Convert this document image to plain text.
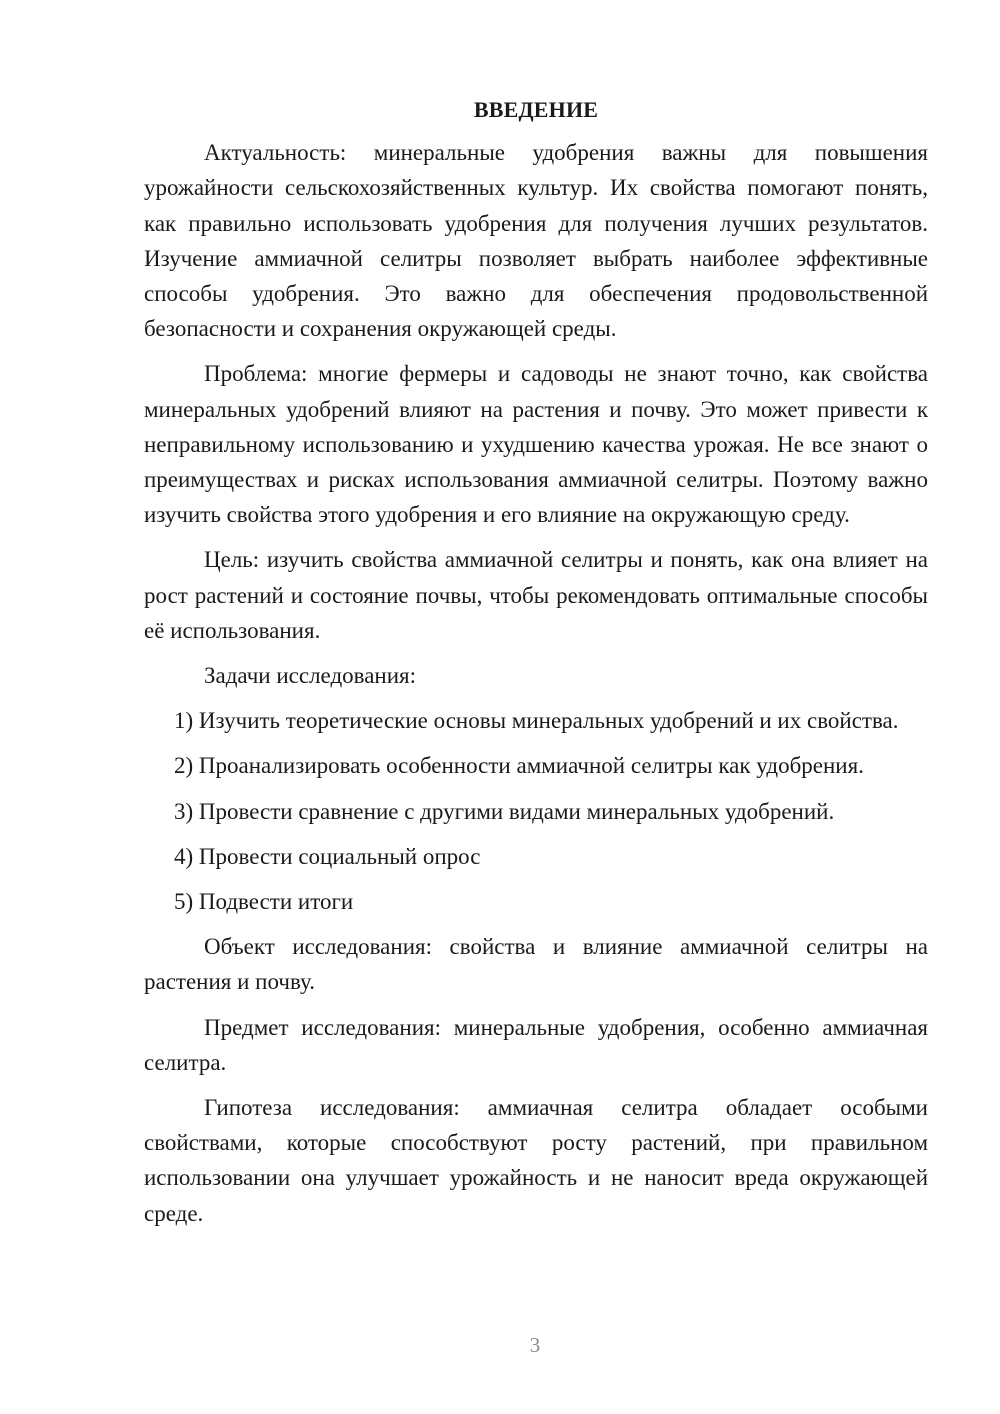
ВВЕДЕНИЕ

Актуальность: минеральные удобрения важны для повышения урожайности сельскохозяйственных культур. Их свойства помогают понять, как правильно использовать удобрения для получения лучших результатов. Изучение аммиачной селитры позволяет выбрать наиболее эффективные способы удобрения. Это важно для обеспечения продовольственной безопасности и сохранения окружающей среды.

Проблема: многие фермеры и садоводы не знают точно, как свойства минеральных удобрений влияют на растения и почву. Это может привести к неправильному использованию и ухудшению качества урожая. Не все знают о преимуществах и рисках использования аммиачной селитры. Поэтому важно изучить свойства этого удобрения и его влияние на окружающую среду.

Цель: изучить свойства аммиачной селитры и понять, как она влияет на рост растений и состояние почвы, чтобы рекомендовать оптимальные способы её использования.

Задачи исследования:

1) Изучить теоретические основы минеральных удобрений и их свойства.

2) Проанализировать особенности аммиачной селитры как удобрения.

3) Провести сравнение с другими видами минеральных удобрений.

4) Провести социальный опрос

5) Подвести итоги

Объект исследования: свойства и влияние аммиачной селитры на растения и почву.

Предмет исследования: минеральные удобрения, особенно аммиачная селитра.

Гипотеза исследования: аммиачная селитра обладает особыми свойствами, которые способствуют росту растений, при правильном использовании она улучшает урожайность и не наносит вреда окружающей среде.

3
